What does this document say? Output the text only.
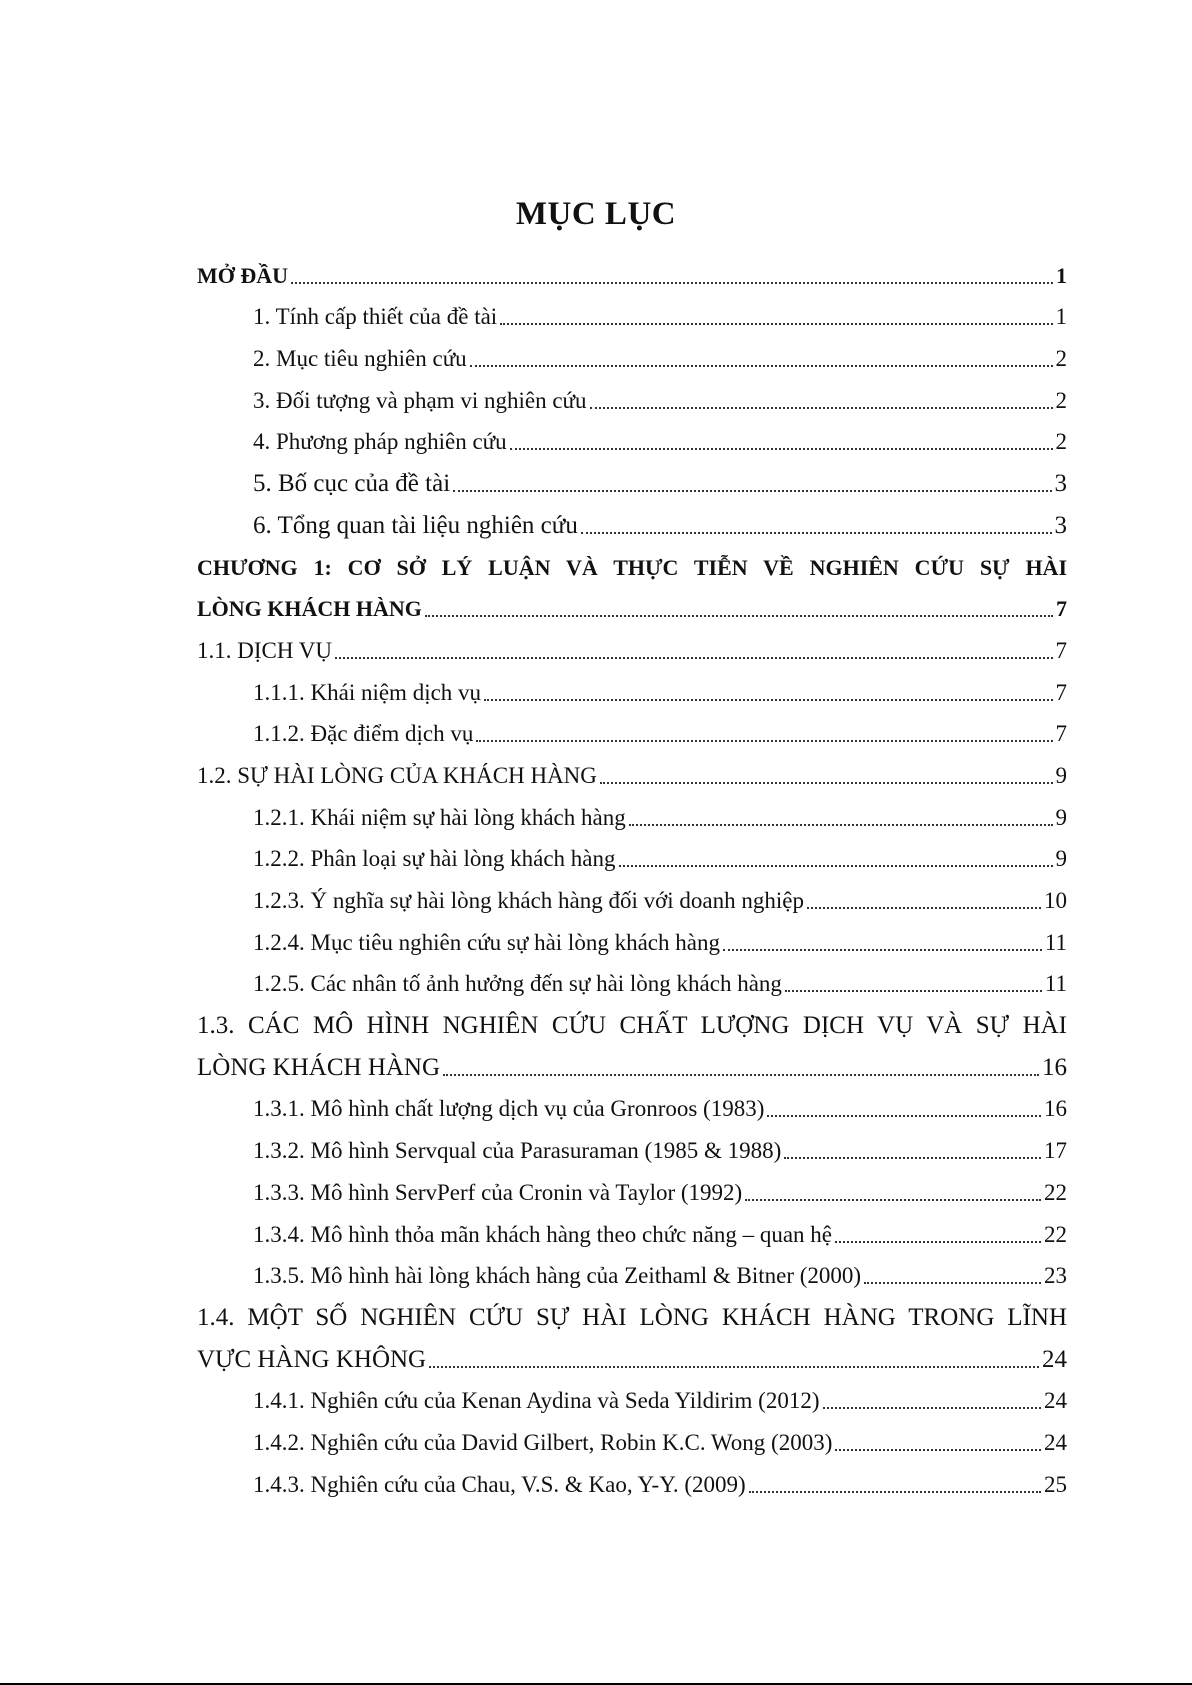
MỤC LỤC
MỞ ĐẦU	1
1. Tính cấp thiết của đề tài	1
2. Mục tiêu nghiên cứu	2
3. Đối tượng và phạm vi nghiên cứu	2
4. Phương pháp nghiên cứu	2
5. Bố cục của đề tài	3
6. Tổng quan tài liệu nghiên cứu	3
CHƯƠNG 1: CƠ SỞ LÝ LUẬN VÀ THỰC TIỄN VỀ NGHIÊN CỨU SỰ HÀI
LÒNG KHÁCH HÀNG	7
1.1. DỊCH VỤ	7
1.1.1. Khái niệm dịch vụ	7
1.1.2. Đặc điểm dịch vụ	7
1.2. SỰ HÀI LÒNG CỦA KHÁCH HÀNG	9
1.2.1. Khái niệm sự hài lòng khách hàng	9
1.2.2. Phân loại sự hài lòng khách hàng	9
1.2.3. Ý nghĩa sự hài lòng khách hàng đối với doanh nghiệp	10
1.2.4. Mục tiêu nghiên cứu sự hài lòng khách hàng	11
1.2.5. Các nhân tố ảnh hưởng đến sự hài lòng khách hàng	11
1.3. CÁC MÔ HÌNH NGHIÊN CỨU CHẤT LƯỢNG DỊCH VỤ VÀ SỰ HÀI
LÒNG KHÁCH HÀNG	16
1.3.1. Mô hình chất lượng dịch vụ của Gronroos (1983)	16
1.3.2. Mô hình Servqual của Parasuraman (1985 & 1988)	17
1.3.3. Mô hình ServPerf của Cronin và Taylor (1992)	22
1.3.4. Mô hình thỏa mãn khách hàng theo chức năng – quan hệ	22
1.3.5. Mô hình hài lòng khách hàng của Zeithaml & Bitner (2000)	23
1.4. MỘT SỐ NGHIÊN CỨU SỰ HÀI LÒNG KHÁCH HÀNG TRONG LĨNH
VỰC HÀNG KHÔNG	24
1.4.1. Nghiên cứu của Kenan Aydina và Seda Yildirim (2012)	24
1.4.2. Nghiên cứu của David Gilbert, Robin K.C. Wong (2003)	24
1.4.3. Nghiên cứu của Chau, V.S. & Kao, Y-Y. (2009)	25
